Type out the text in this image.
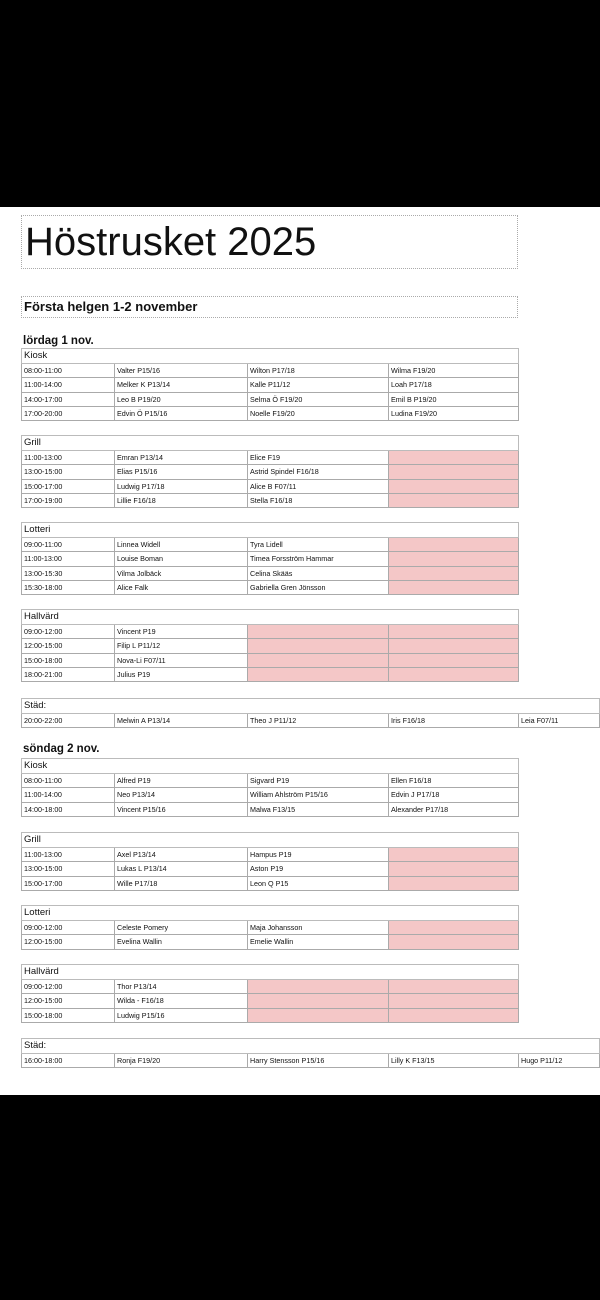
Höstrusket 2025
Första helgen 1-2 november
lördag 1 nov.
Kiosk
08:00-11:00	Valter P15/16	Wilton P17/18	Wilma F19/20
11:00-14:00	Melker K P13/14	Kalle P11/12	Loah P17/18
14:00-17:00	Leo B P19/20	Selma Ö F19/20	Emil B P19/20
17:00-20:00	Edvin Ö P15/16	Noelle F19/20	Ludina F19/20
Grill
11:00-13:00	Emran P13/14	Elice F19
13:00-15:00	Elias P15/16	Astrid Spindel F16/18
15:00-17:00	Ludwig P17/18	Alice B F07/11
17:00-19:00	Lillie F16/18	Stella F16/18
Lotteri
09:00-11:00	Linnea Widell	Tyra Lidell
11:00-13:00	Louise Boman	Timea Forsström Hammar
13:00-15:30	Vilma Jolbäck	Celina Skääs
15:30-18:00	Alice Falk	Gabriella Gren Jönsson
Hallvärd
09:00-12:00	Vincent P19
12:00-15:00	Filip L P11/12
15:00-18:00	Nova-Li F07/11
18:00-21:00	Julius P19
Städ:
20:00-22:00	Melwin A P13/14	Theo J P11/12	Iris F16/18	Leia F07/11
söndag 2 nov.
Kiosk
08:00-11:00	Alfred P19	Sigvard P19	Ellen F16/18
11:00-14:00	Neo P13/14	William Ahlström P15/16	Edvin J P17/18
14:00-18:00	Vincent P15/16	Malwa F13/15	Alexander P17/18
Grill
11:00-13:00	Axel P13/14	Hampus P19
13:00-15:00	Lukas L P13/14	Aston P19
15:00-17:00	Wille P17/18	Leon Q P15
Lotteri
09:00-12:00	Celeste Pomery	Maja Johansson
12:00-15:00	Evelina Wallin	Emelie Wallin
Hallvärd
09:00-12:00	Thor P13/14
12:00-15:00	Wilda - F16/18
15:00-18:00	Ludwig P15/16
Städ:
16:00-18:00	Ronja F19/20	Harry Stensson P15/16	Lilly K F13/15	Hugo P11/12
